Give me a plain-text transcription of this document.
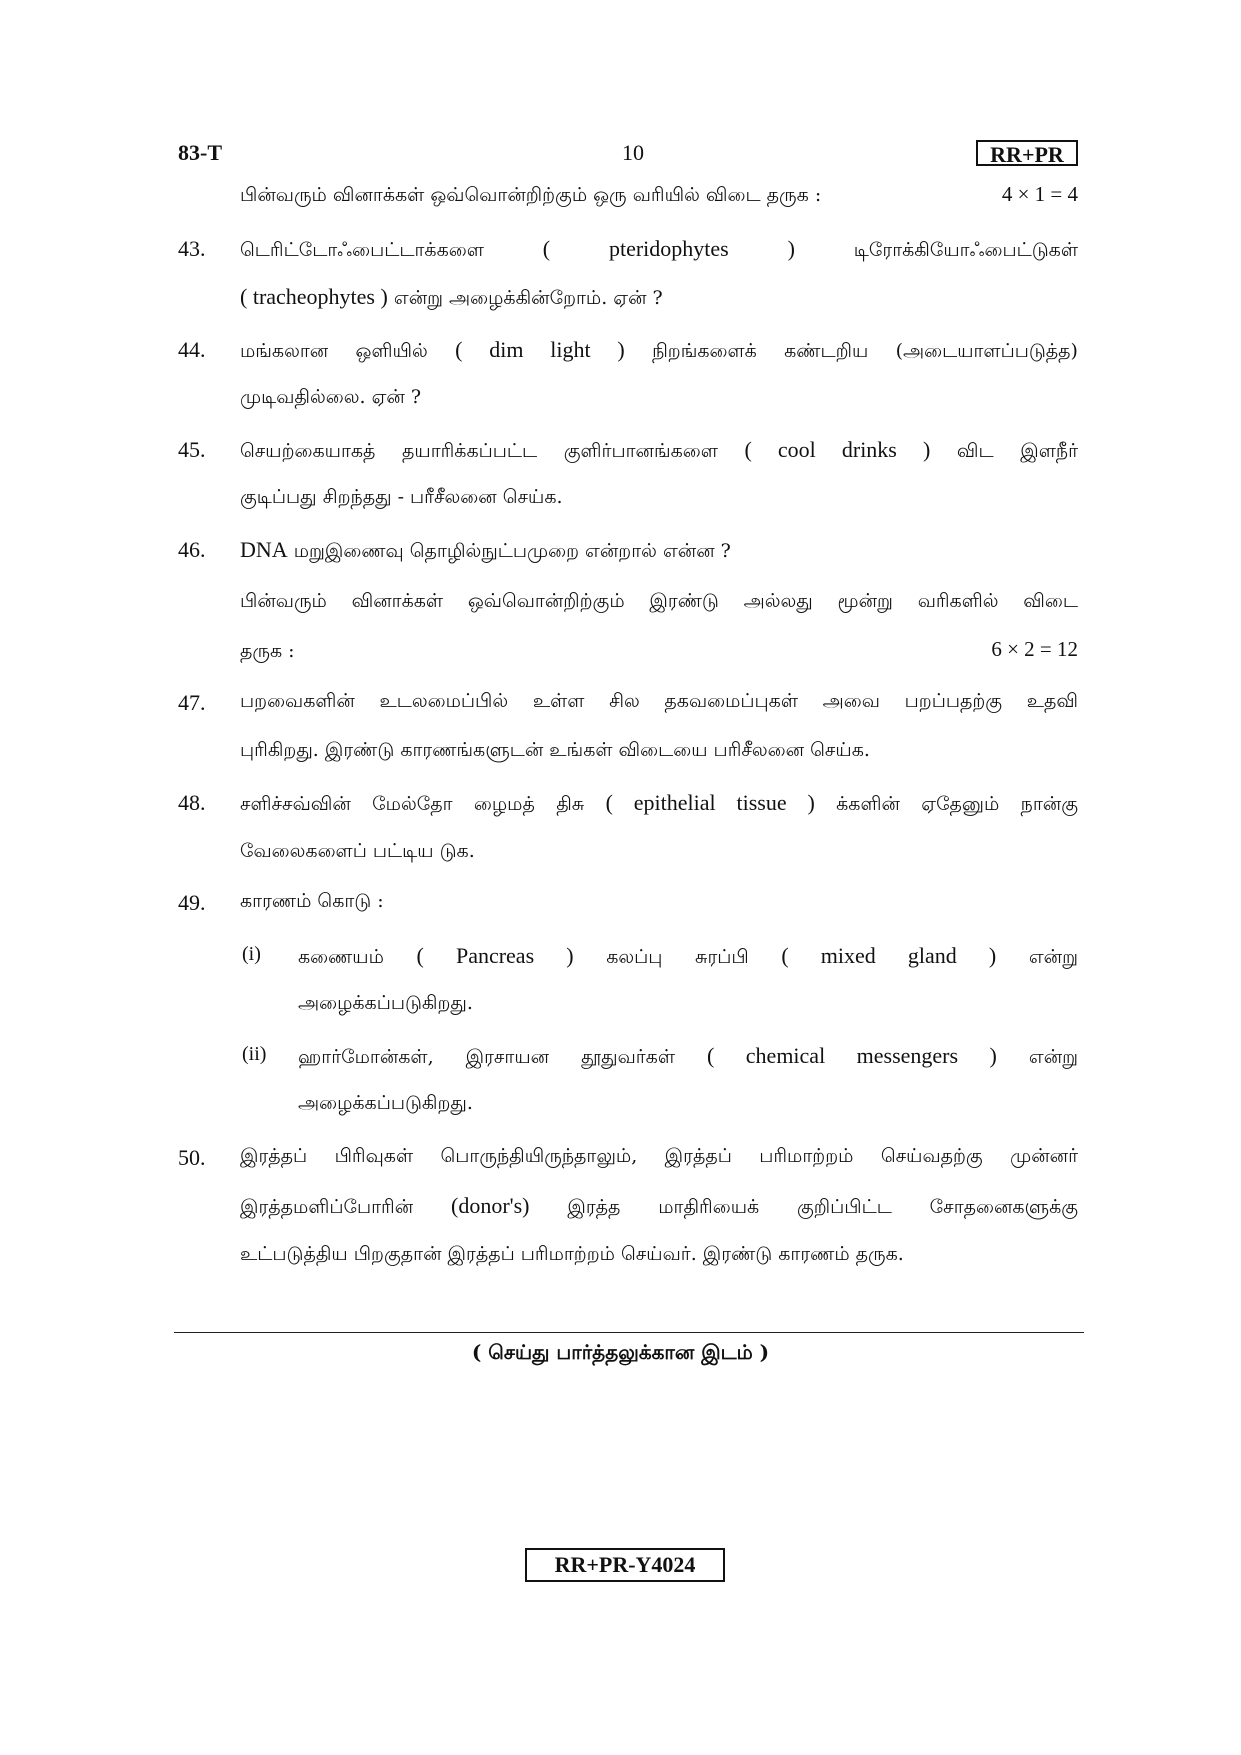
83-T	10	RR+PR
பின்வரும் வினாக்கள் ஒவ்வொன்றிற்கும் ஒரு வரியில் விடை தருக :	4 × 1 = 4
43. டெரிட்டோஃபைட்டாக்களை	(	pteridophytes	)	டிரோக்கியோஃபைட்டுகள்
( tracheophytes ) என்று அழைக்கின்றோம். ஏன் ?
44. மங்கலான ஒளியில் ( dim light ) நிறங்களைக் கண்டறிய (அடையாளப்படுத்த)
முடிவதில்லை. ஏன் ?
45. செயற்கையாகத் தயாரிக்கப்பட்ட குளிர்பானங்களை ( cool drinks ) விட இளநீர்
குடிப்பது சிறந்தது - பரீசீலனை செய்க.
46. DNA மறுஇணைவு தொழில்நுட்பமுறை என்றால் என்ன ?
பின்வரும் வினாக்கள் ஒவ்வொன்றிற்கும் இரண்டு அல்லது மூன்று வரிகளில் விடை
தருக :	6 × 2 = 12
47. பறவைகளின் உடலமைப்பில் உள்ள சில தகவமைப்புகள் அவை பறப்பதற்கு உதவி
புரிகிறது. இரண்டு காரணங்களுடன் உங்கள் விடையை பரிசீலனை செய்க.
48. சளிச்சவ்வின் மேல்தோ ழைமத் திசு ( epithelial tissue ) க்களின் ஏதேனும் நான்கு
வேலைகளைப் பட்டிய டுக.
49. காரணம் கொடு :
(i) கணையம் ( Pancreas ) கலப்பு சுரப்பி ( mixed gland ) என்று
அழைக்கப்படுகிறது.
(ii) ஹார்மோன்கள், இரசாயன தூதுவர்கள் ( chemical messengers ) என்று
அழைக்கப்படுகிறது.
50. இரத்தப் பிரிவுகள் பொருந்தியிருந்தாலும், இரத்தப் பரிமாற்றம் செய்வதற்கு முன்னர்
இரத்தமளிப்போரின் (donor's) இரத்த மாதிரியைக் குறிப்பிட்ட சோதனைகளுக்கு
உட்படுத்திய பிறகுதான் இரத்தப் பரிமாற்றம் செய்வர். இரண்டு காரணம் தருக.
( செய்து பார்த்தலுக்கான இடம் )
RR+PR-Y4024
